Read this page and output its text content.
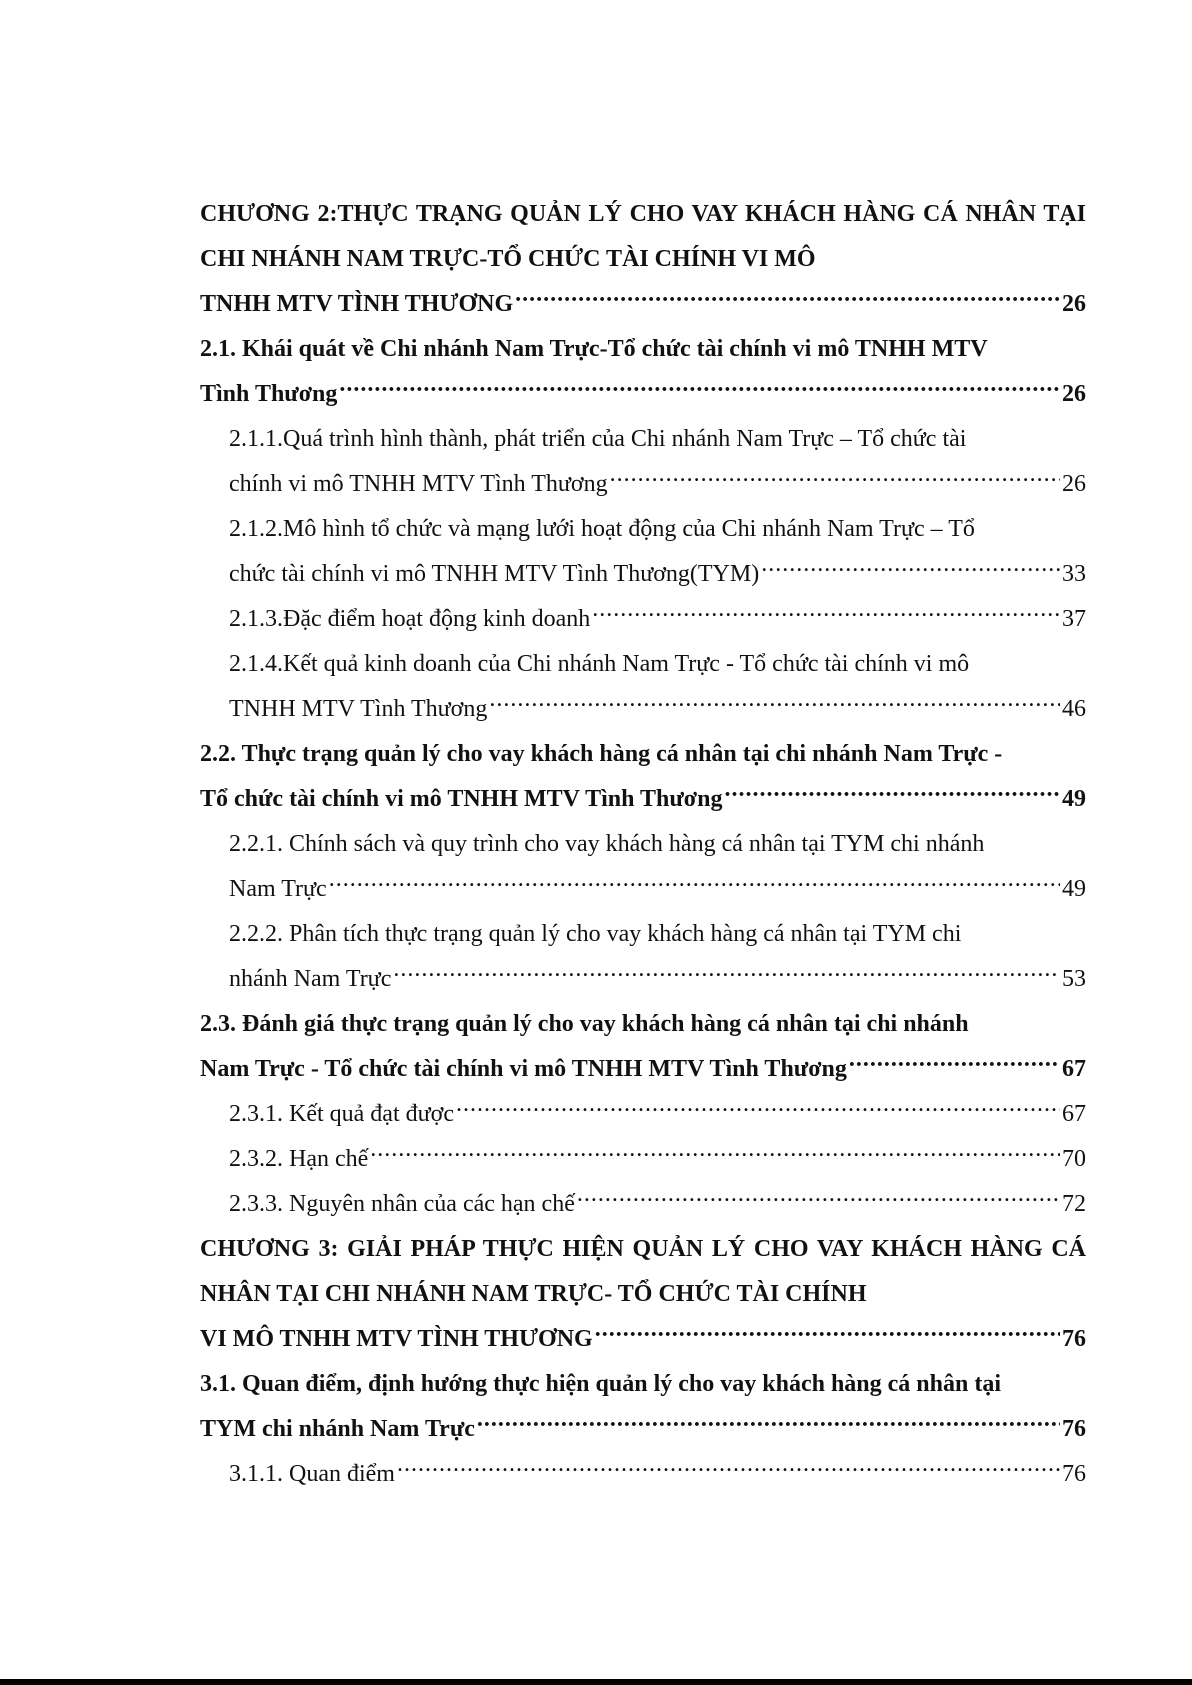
CHƯƠNG 2:THỰC TRẠNG QUẢN LÝ CHO VAY KHÁCH HÀNG CÁ NHÂN TẠI CHI NHÁNH NAM TRỰC-TỔ CHỨC TÀI CHÍNH VI MÔ
TNHH MTV TÌNH THƯƠNG .....	26
2.1. Khái quát về Chi nhánh Nam Trực-Tổ chức tài chính vi mô TNHH MTV
Tình Thương .....	26
2.1.1.Quá trình hình thành, phát triển của Chi nhánh Nam Trực – Tổ chức tài
chính vi mô TNHH MTV Tình Thương .....	26
2.1.2.Mô hình tổ chức và mạng lưới hoạt động của Chi nhánh Nam Trực – Tổ
chức tài chính vi mô TNHH MTV Tình Thương(TYM) .....	33
2.1.3.Đặc điểm hoạt động kinh doanh .....	37
2.1.4.Kết quả kinh doanh của Chi nhánh Nam Trực - Tổ chức tài chính vi mô
TNHH MTV Tình Thương .....	46
2.2. Thực trạng quản lý cho vay khách hàng cá nhân tại chi nhánh Nam Trực -
Tổ chức tài chính vi mô TNHH MTV Tình Thương .....	49
2.2.1. Chính sách và quy trình cho vay khách hàng cá nhân tại TYM chi nhánh
Nam Trực .....	49
2.2.2. Phân tích thực trạng quản lý cho vay khách hàng cá nhân tại TYM chi
nhánh Nam Trực .....	53
2.3. Đánh giá thực trạng quản lý cho vay khách hàng cá nhân tại chi nhánh
Nam Trực - Tổ chức tài chính vi mô TNHH MTV Tình Thương .....	67
2.3.1. Kết quả đạt được .....	67
2.3.2. Hạn chế .....	70
2.3.3. Nguyên nhân của các hạn chế .....	72
CHƯƠNG 3: GIẢI PHÁP THỰC HIỆN QUẢN LÝ CHO VAY KHÁCH HÀNG CÁ NHÂN TẠI CHI NHÁNH NAM TRỰC- TỔ CHỨC TÀI CHÍNH
VI MÔ TNHH MTV TÌNH THƯƠNG .....	76
3.1. Quan điểm, định hướng thực hiện quản lý cho vay khách hàng cá nhân tại
TYM chi nhánh Nam Trực .....	76
3.1.1. Quan điểm .....	76
